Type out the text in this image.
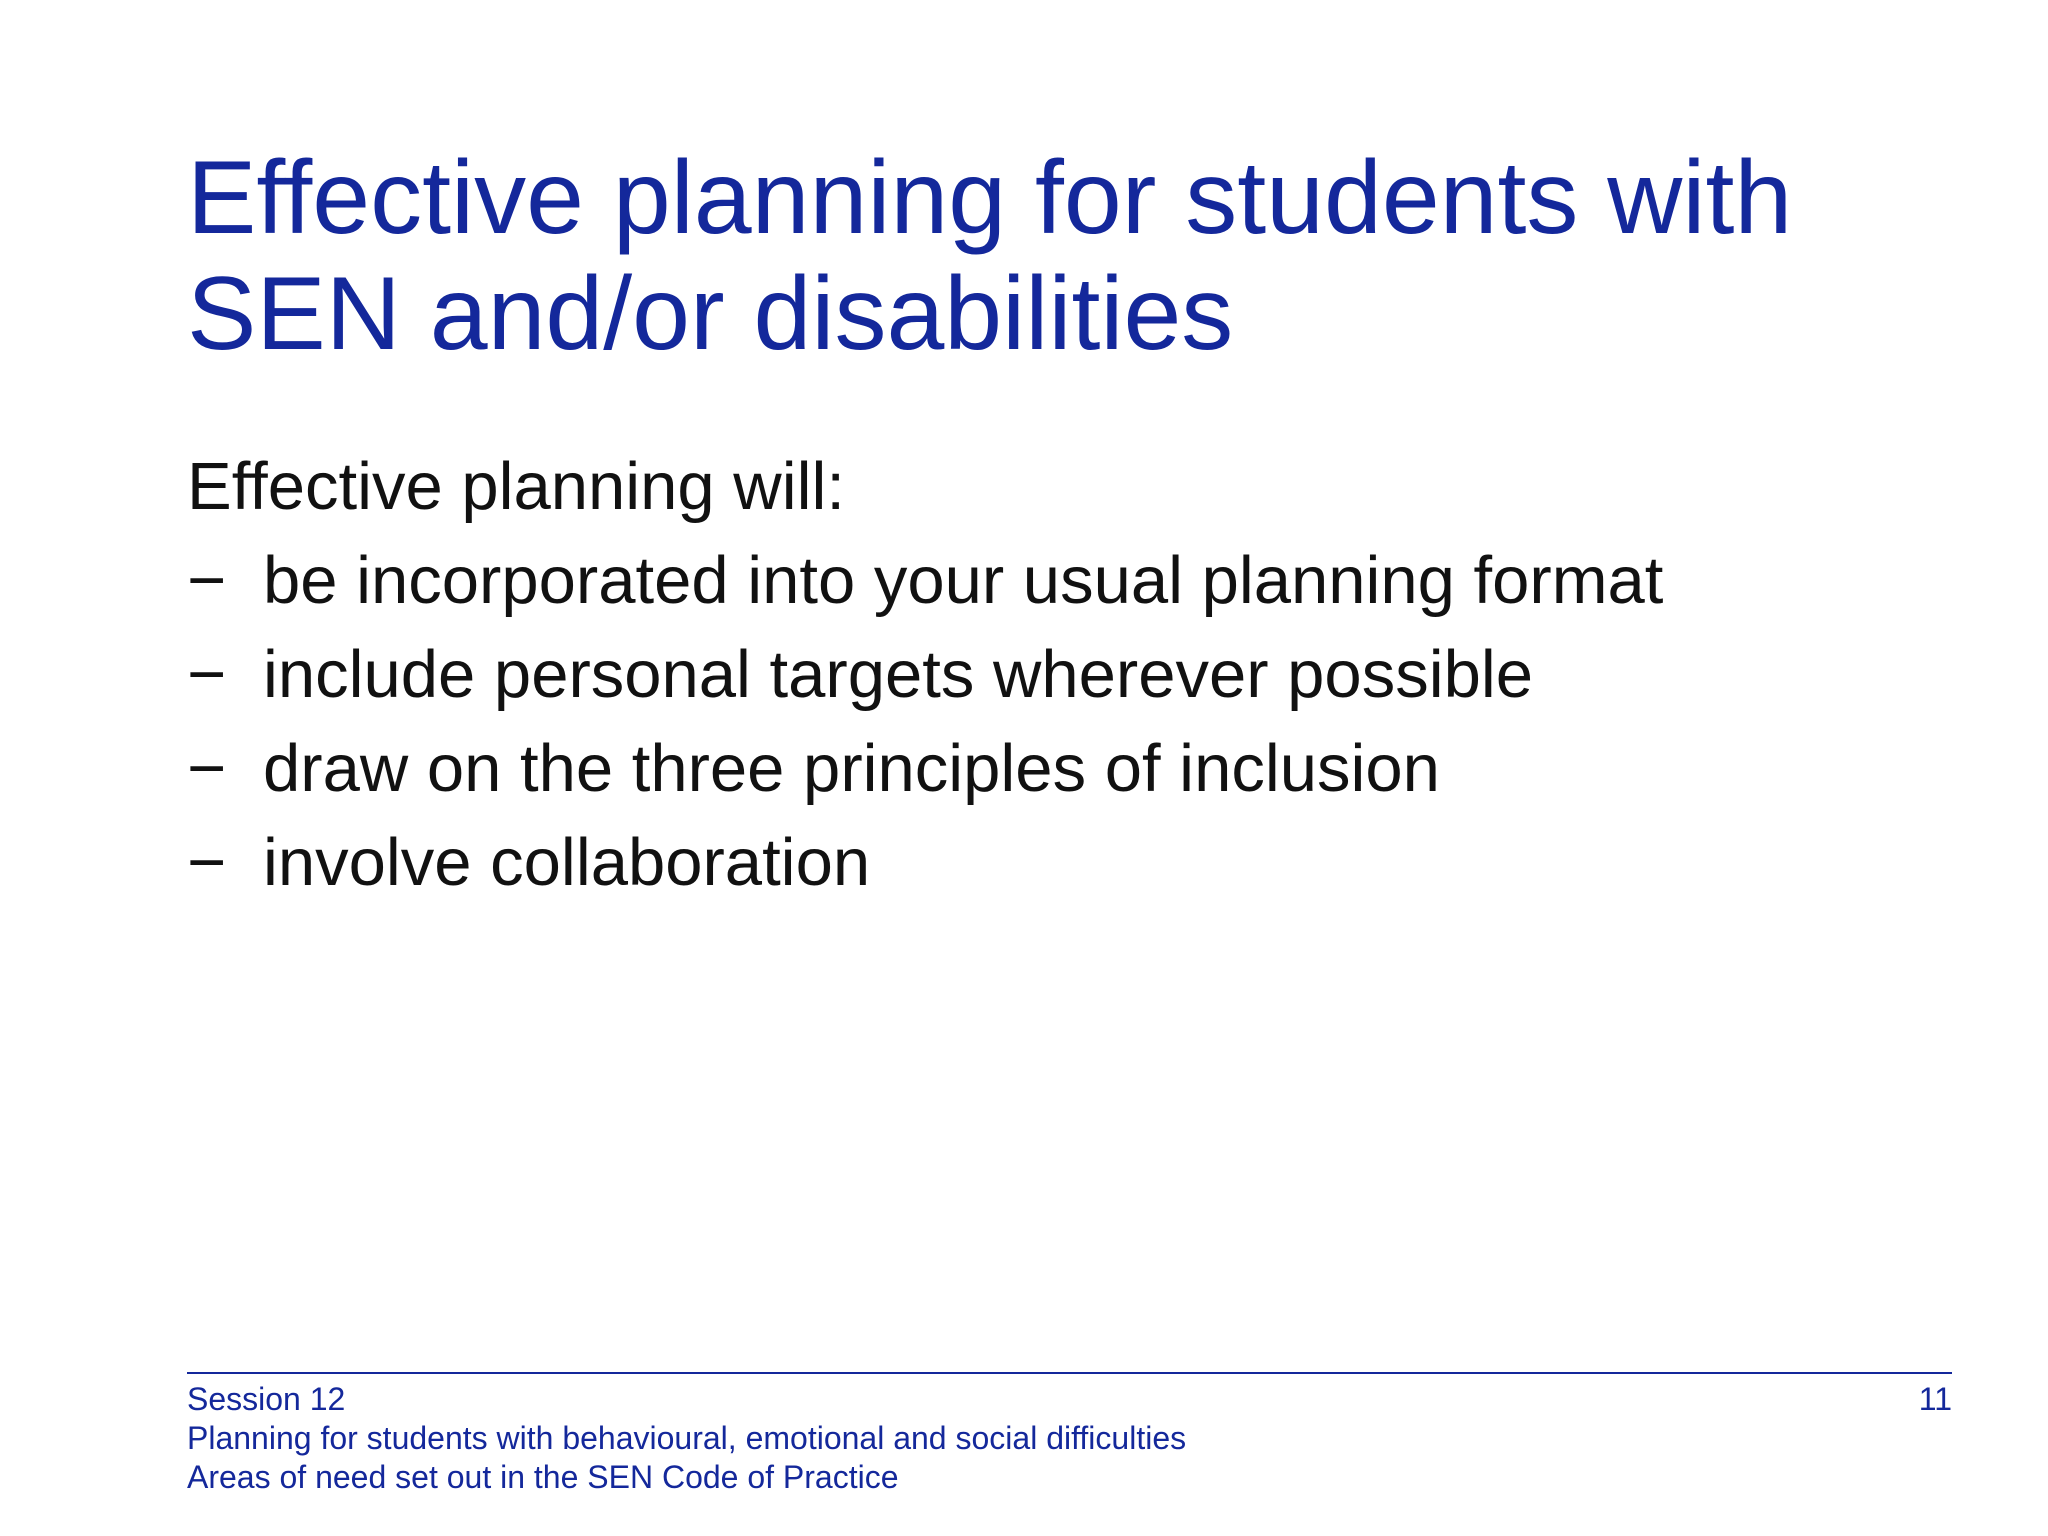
Effective planning for students with
SEN and/or disabilities
Effective planning will:
− be incorporated into your usual planning format
− include personal targets wherever possible
− draw on the three principles of inclusion
− involve collaboration
Session 12
Planning for students with behavioural, emotional and social difficulties
Areas of need set out in the SEN Code of Practice
11
